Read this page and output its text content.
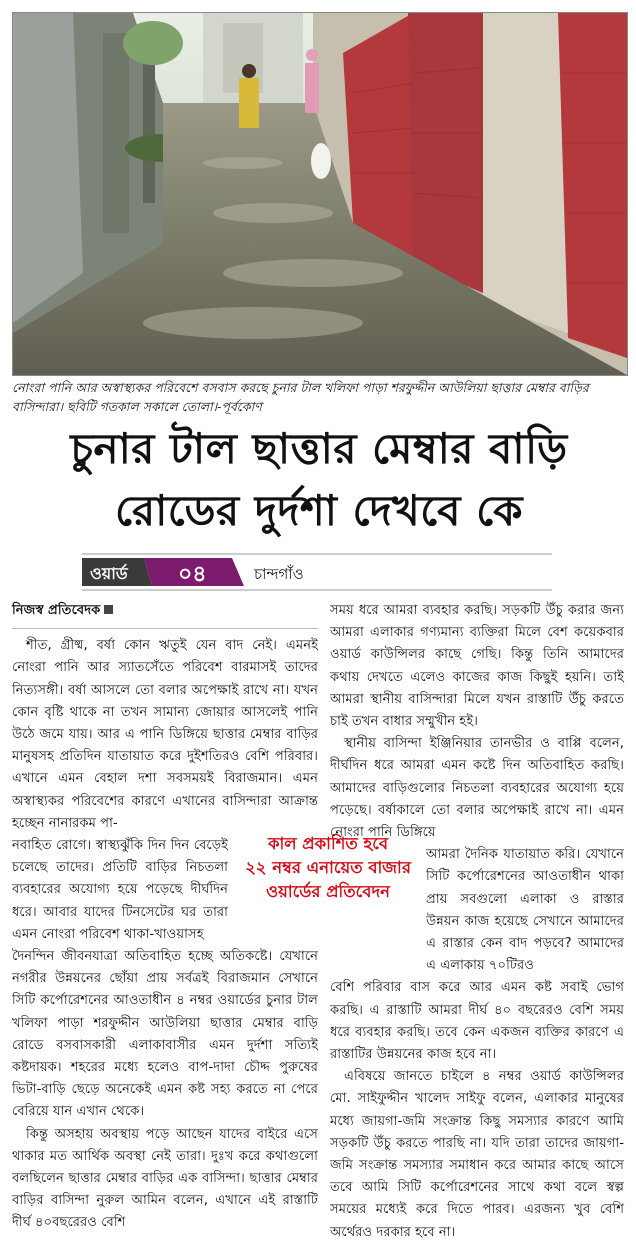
নোংরা পানি আর অস্বাস্থ্যকর পরিবেশে বসবাস করছে চুনার টাল খলিফা পাড়া শরফুদ্দীন আউলিয়া ছাত্তার মেম্বার বাড়ির বাসিন্দারা। ছবিটি গতকাল সকালে তোলা।-পূর্বকোণ
চুনার টাল ছাত্তার মেম্বার বাড়ি
রোডের দুর্দশা দেখবে কে
ওয়ার্ড ০৪	চান্দগাঁও
নিজস্ব প্রতিবেদক

শীত, গ্রীষ্ম, বর্ষা কোন ঋতুই যেন বাদ নেই। এমনই নোংরা পানি আর স্যাতসেঁতে পরিবেশ বারমাসই তাদের নিত্যসঙ্গী। বর্ষা আসলে তো বলার অপেক্ষাই রাখে না। যখন কোন বৃষ্টি থাকে না তখন সামান্য জোয়ার আসলেই পানি উঠে জমে যায়। আর এ পানি ডিঙ্গিয়ে ছাত্তার মেম্বার বাড়ির মানুষসহ প্রতিদিন যাতায়াত করে দুইশতিরও বেশি পরিবার। এখানে এমন বেহাল দশা সবসময়ই বিরাজমান। এমন অস্বাস্থ্যকর পরিবেশের কারণে এখানের বাসিন্দারা আক্রান্ত হচ্ছেন নানারকম পা-

নবাহিত রোগে। স্বাস্থ্যঝুঁকি দিন দিন বেড়েই চলেছে তাদের। প্রতিটি বাড়ির নিচতলা ব্যবহারের অযোগ্য হয়ে পড়েছে দীর্ঘদিন ধরে। আবার যাদের টিনসেটের ঘর তারা এমন নোংরা পরিবেশ থাকা-খাওয়াসহ

দৈনন্দিন জীবনযাত্রা অতিবাহিত হচ্ছে অতিকষ্টে। যেখানে নগরীর উন্নয়নের ছোঁয়া প্রায় সর্বত্রই বিরাজমান সেখানে সিটি কর্পোরেশনের আওতাধীন ৪ নম্বর ওয়ার্ডের চুনার টাল খলিফা পাড়া শরফুদ্দীন আউলিয়া ছাত্তার মেম্বার বাড়ি রোডে বসবাসকারী এলাকাবাসীর এমন দুর্দশা সত্যিই কষ্টদায়ক। শহরের মধ্যে হলেও বাপ-দাদা চৌদ্দ পুরুষের ভিটা-বাড়ি ছেড়ে অনেকেই এমন কষ্ট সহ্য করতে না পেরে বেরিয়ে যান এখান থেকে।

কিন্তু অসহায় অবস্থায় পড়ে আছেন যাদের বাইরে এসে থাকার মত আর্থিক অবস্থা নেই তারা। দুঃখ করে কথাগুলো বলছিলেন ছাত্তার মেম্বার বাড়ির এক বাসিন্দা। ছাত্তার মেম্বার বাড়ির বাসিন্দা নুরুল আমিন বলেন, এখানে এই রাস্তাটি দীর্ঘ ৪০বছরেরও বেশি

কাল প্রকাশিত হবে
২২ নম্বর এনায়েত বাজার
ওয়ার্ডের প্রতিবেদন

সময় ধরে আমরা ব্যবহার করছি। সড়কটি উঁচু করার জন্য আমরা এলাকার গণ্যমান্য ব্যক্তিরা মিলে বেশ কয়েকবার ওয়ার্ড কাউন্সিলর কাছে গেছি। কিন্তু তিনি আমাদের কথায় দেখতে এলেও কাজের কাজ কিছুই হয়নি। তাই আমরা স্থানীয় বাসিন্দারা মিলে যখন রাস্তাটি উঁচু করতে চাই তখন বাধার সম্মুখীন হই।

স্থানীয় বাসিন্দা ইঞ্জিনিয়ার তানভীর ও বাপ্পি বলেন, দীর্ঘদিন ধরে আমরা এমন কষ্টে দিন অতিবাহিত করছি। আমাদের বাড়িগুলোর নিচতলা ব্যবহারের অযোগ্য হয়ে পড়েছে। বর্ষাকালে তো বলার অপেক্ষাই রাখে না। এমন নোংরা পানি ডিঙ্গিয়ে

আমরা দৈনিক যাতায়াত করি। যেখানে সিটি কর্পোরেশনের আওতাধীন থাকা প্রায় সবগুলো এলাকা ও রাস্তার উন্নয়ন কাজ হয়েছে সেখানে আমাদের এ রাস্তার কেন বাদ পড়বে? আমাদের এ এলাকায় ৭০টিরও

বেশি পরিবার বাস করে আর এমন কষ্ট সবাই ভোগ করছি। এ রাস্তাটি আমরা দীর্ঘ ৪০ বছরেরও বেশি সময় ধরে ব্যবহার করছি। তবে কেন একজন ব্যক্তির কারণে এ রাস্তাটির উন্নয়নের কাজ হবে না।

এবিষয়ে জানতে চাইলে ৪ নম্বর ওয়ার্ড কাউন্সিলর মো. সাইফুদ্দীন খালেদ সাইফু বলেন, এলাকার মানুষের মধ্যে জায়গা-জমি সংক্রান্ত কিছু সমস্যার কারণে আমি সড়কটি উঁচু করতে পারছি না। যদি তারা তাদের জায়গা-জমি সংক্রান্ত সমস্যার সমাধান করে আমার কাছে আসে তবে আমি সিটি কর্পোরেশনের সাথে কথা বলে স্বল্প সময়ের মধ্যেই করে দিতে পারব। এরজন্য খুব বেশি অর্থেরও দরকার হবে না।
